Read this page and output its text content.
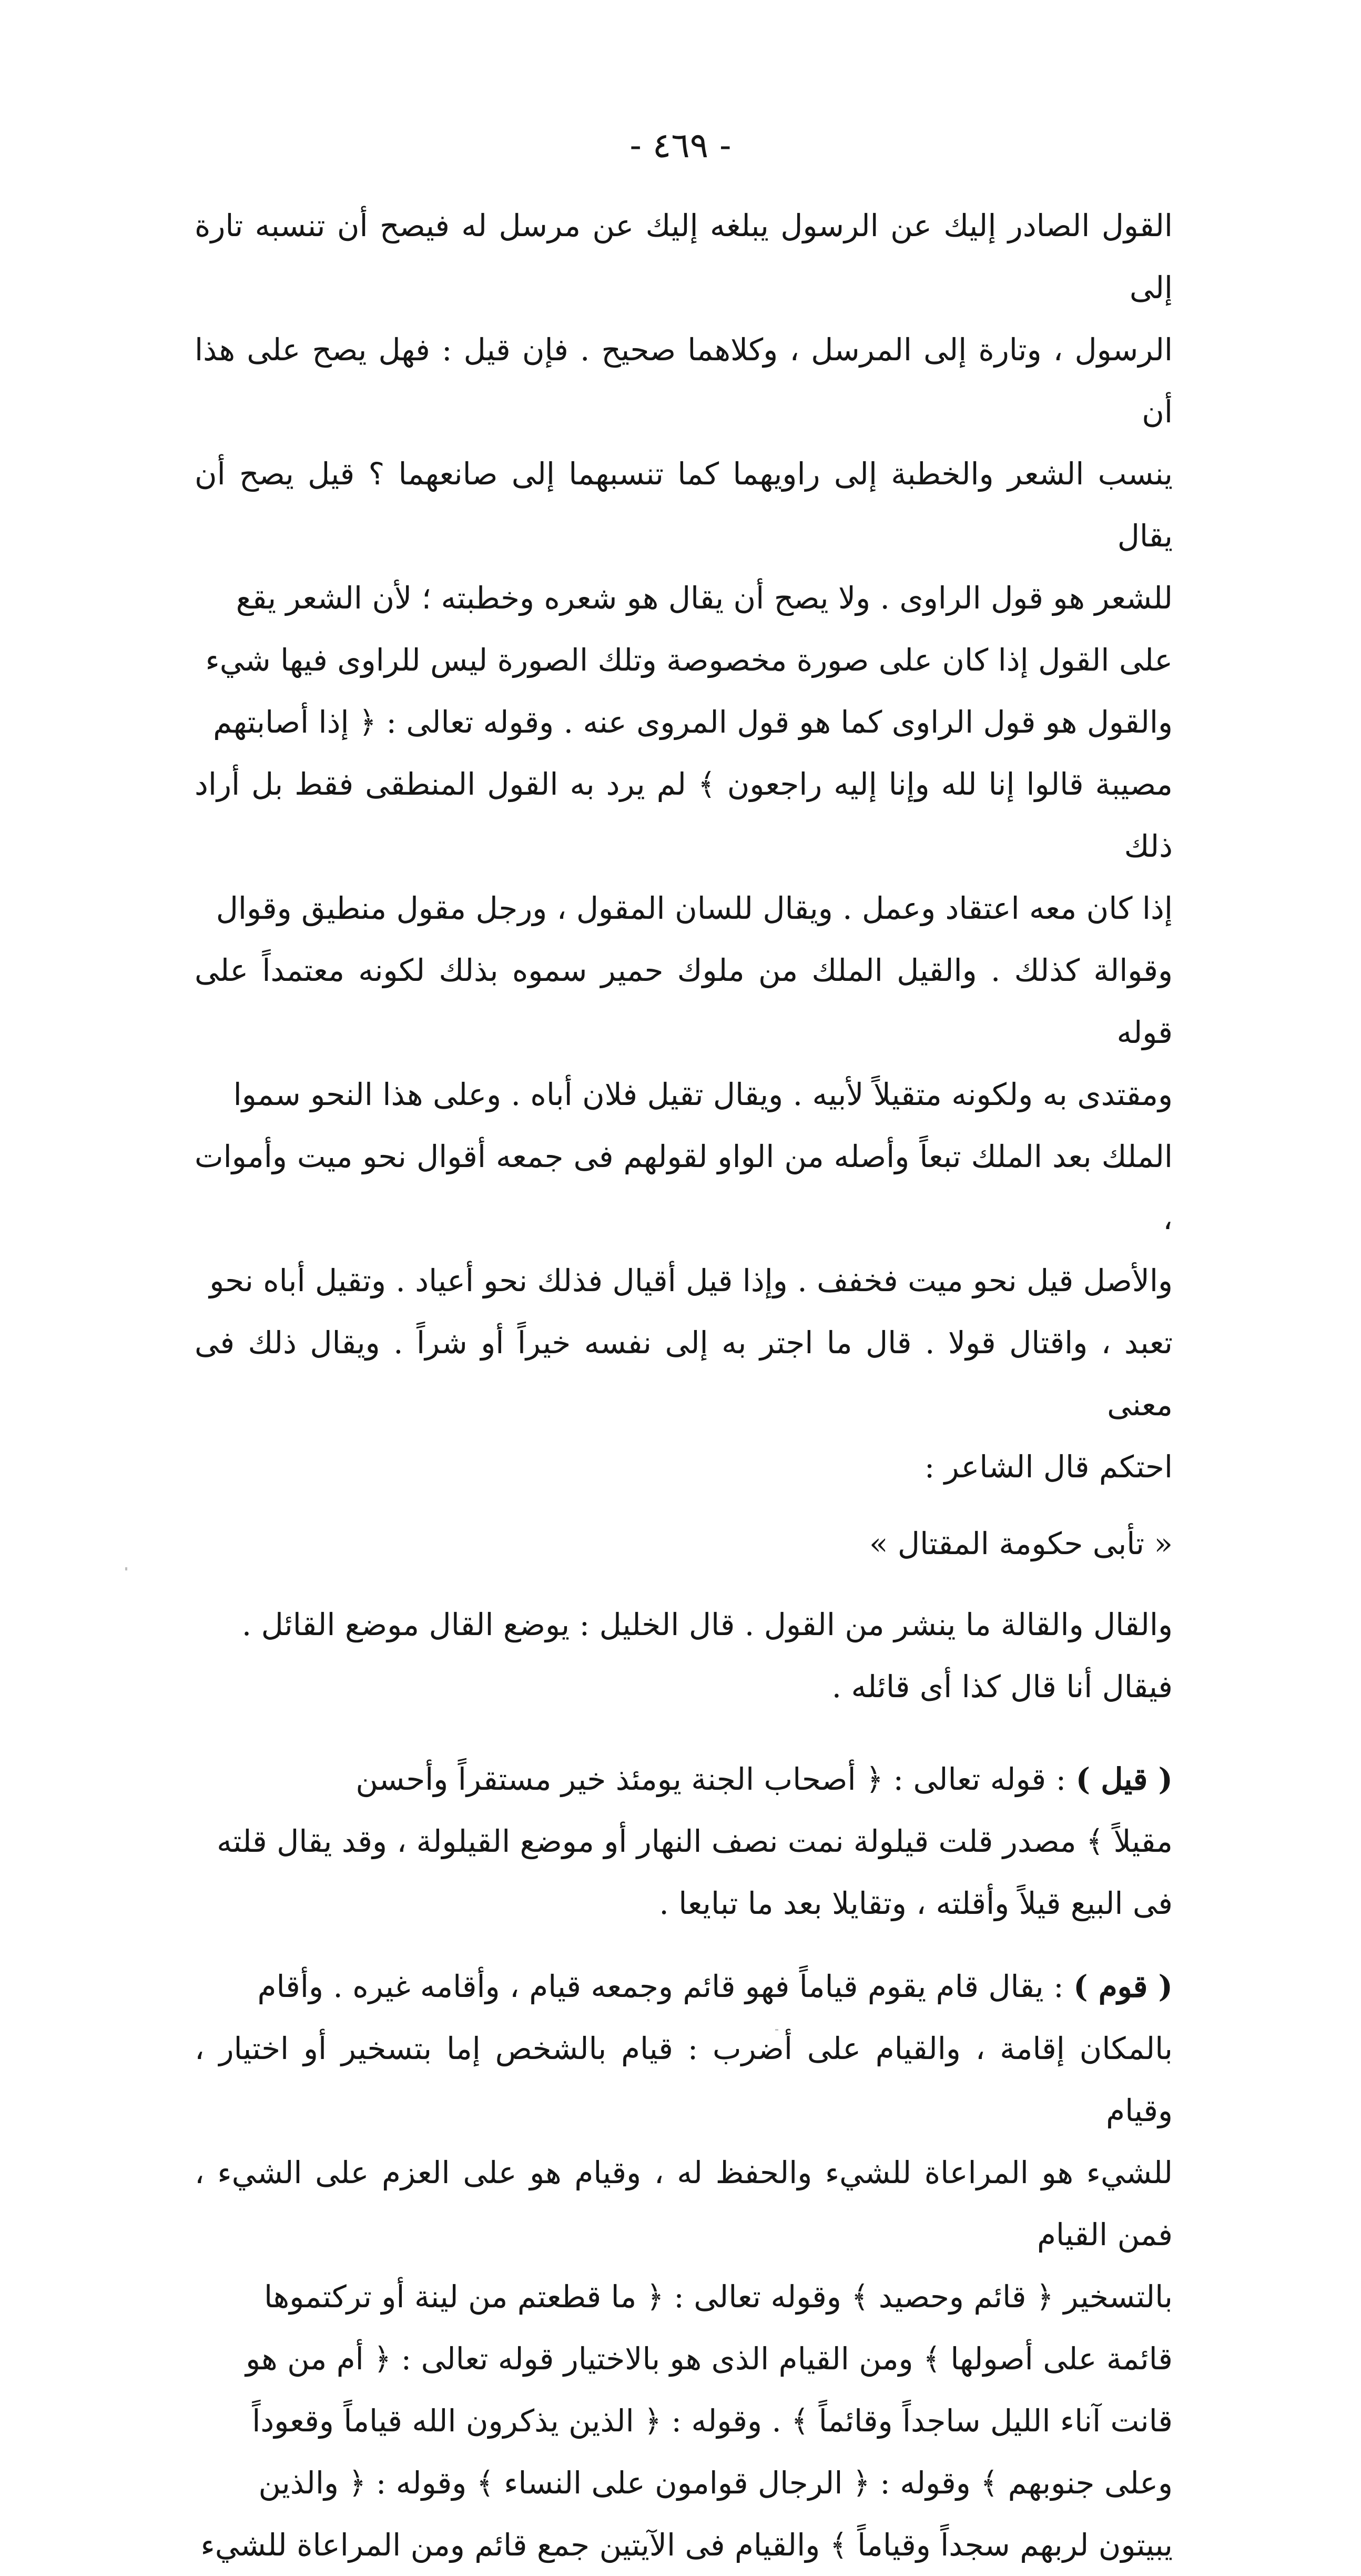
- ٤٦٩ -

القول الصادر إليك عن الرسول يبلغه إليك عن مرسل له فيصح أن تنسبه تارة إلى
الرسول ، وتارة إلى المرسل ، وكلاهما صحيح . فإن قيل : فهل يصح على هذا أن
ينسب الشعر والخطبة إلى راويهما كما تنسبهما إلى صانعهما ؟ قيل يصح أن يقال
للشعر هو قول الراوى . ولا يصح أن يقال هو شعره وخطبته ؛ لأن الشعر يقع
على القول إذا كان على صورة مخصوصة وتلك الصورة ليس للراوى فيها شيء
والقول هو قول الراوى كما هو قول المروى عنه . وقوله تعالى : ﴿ إذا أصابتهم
مصيبة قالوا إنا لله وإنا إليه راجعون ﴾ لم يرد به القول المنطقى فقط بل أراد ذلك
إذا كان معه اعتقاد وعمل . ويقال للسان المقول ، ورجل مقول منطيق وقوال
وقوالة كذلك . والقيل الملك من ملوك حمير سموه بذلك لكونه معتمداً على قوله
ومقتدى به ولكونه متقيلاً لأبيه . ويقال تقيل فلان أباه . وعلى هذا النحو سموا
الملك بعد الملك تبعاً وأصله من الواو لقولهم فى جمعه أقوال نحو ميت وأموات ،
والأصل قيل نحو ميت فخفف . وإذا قيل أقيال فذلك نحو أعياد . وتقيل أباه نحو
تعبد ، واقتال قولا . قال ما اجتر به إلى نفسه خيراً أو شراً . ويقال ذلك فى معنى
احتكم قال الشاعر :

« تأبى حكومة المقتال »

والقال والقالة ما ينشر من القول . قال الخليل : يوضع القال موضع القائل .
فيقال أنا قال كذا أى قائله .

( قيل ) : قوله تعالى : ﴿ أصحاب الجنة يومئذ خير مستقراً وأحسن
مقيلاً ﴾ مصدر قلت قيلولة نمت نصف النهار أو موضع القيلولة ، وقد يقال قلته
فى البيع قيلاً وأقلته ، وتقايلا بعد ما تبايعا .

( قوم ) : يقال قام يقوم قياماً فهو قائم وجمعه قيام ، وأقامه غيره . وأقام
بالمكان إقامة ، والقيام على أضرب : قيام بالشخص إما بتسخير أو اختيار ، وقيام
للشيء هو المراعاة للشيء والحفظ له ، وقيام هو على العزم على الشيء ، فمن القيام
بالتسخير ﴿ قائم وحصيد ﴾ وقوله تعالى : ﴿ ما قطعتم من لينة أو تركتموها
قائمة على أصولها ﴾ ومن القيام الذى هو بالاختيار قوله تعالى : ﴿ أم من هو
قانت آناء الليل ساجداً وقائماً ﴾ . وقوله : ﴿ الذين يذكرون الله قياماً وقعوداً
وعلى جنوبهم ﴾ وقوله : ﴿ الرجال قوامون على النساء ﴾ وقوله : ﴿ والذين
يبيتون لربهم سجداً وقياماً ﴾ والقيام فى الآيتين جمع قائم ومن المراعاة للشيء
